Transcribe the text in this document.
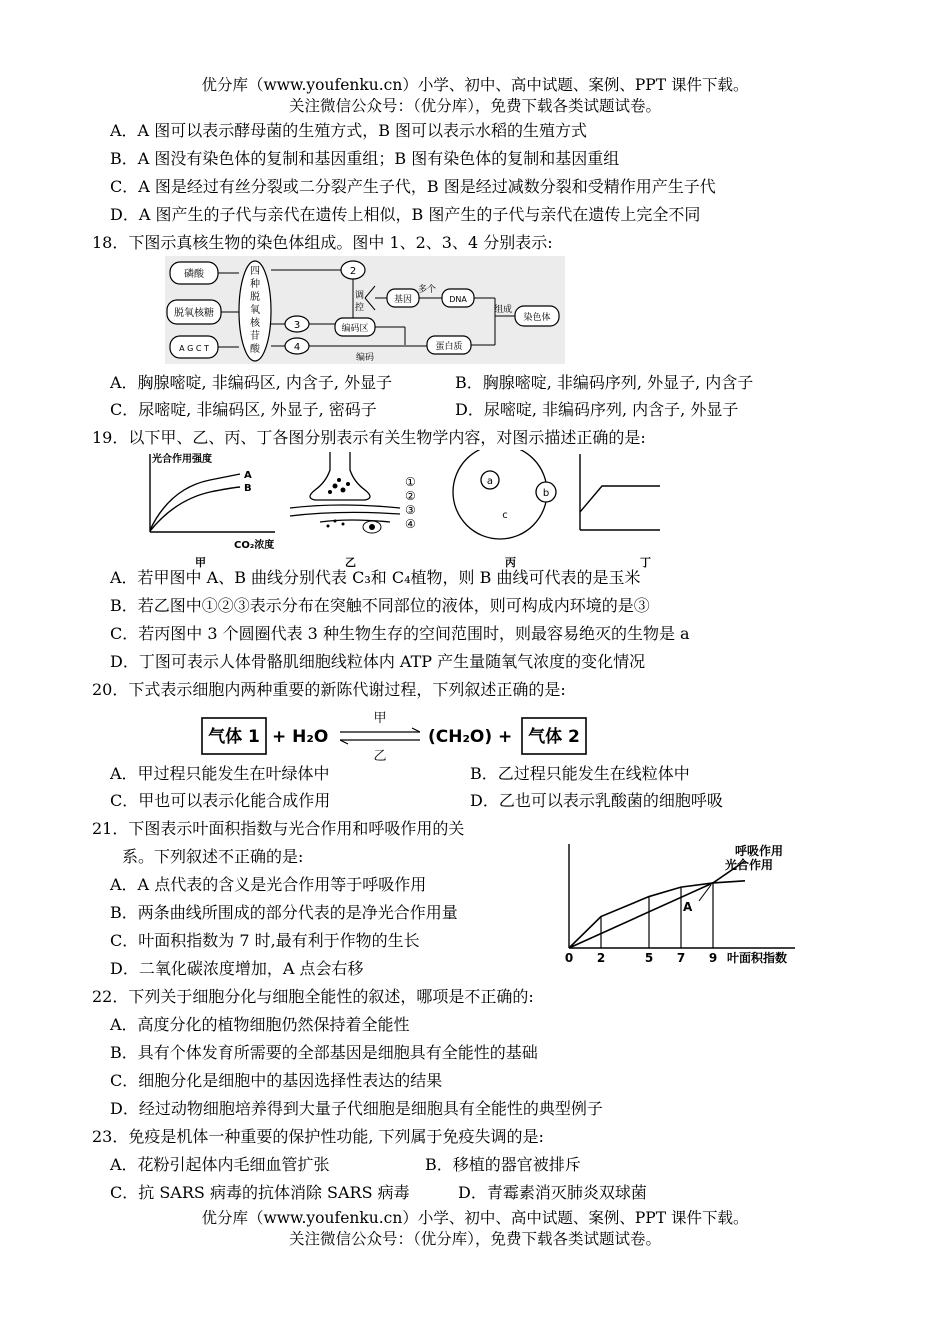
优分库（www.youfenku.cn）小学、初中、高中试题、案例、PPT 课件下载。
关注微信公众号：（优分库），免费下载各类试题试卷。
A．A 图可以表示酵母菌的生殖方式，B 图可以表示水稻的生殖方式
B．A 图没有染色体的复制和基因重组；B 图有染色体的复制和基因重组
C．A 图是经过有丝分裂或二分裂产生子代，B 图是经过减数分裂和受精作用产生子代
D．A 图产生的子代与亲代在遗传上相似，B 图产生的子代与亲代在遗传上完全不同
18．下图示真核生物的染色体组成。图中 1、2、3、4 分别表示:
磷酸
脱氧核糖
A G C T
四
种
脱
氧
核
苷
酸
2
3
4
调
控
基因
多个
DNA
编码区
蛋白质
组成
染色体
编码
A．胸腺嘧啶, 非编码区, 内含子, 外显子	B．胸腺嘧啶, 非编码序列, 外显子, 内含子
C．尿嘧啶, 非编码区, 外显子, 密码子	D．尿嘧啶, 非编码序列, 内含子, 外显子
19．以下甲、乙、丙、丁各图分别表示有关生物学内容，对图示描述正确的是:
光合作用强度
A
B
CO₂浓度
甲
①
②
③
④
乙
a
b
c
丙	丁
A．若甲图中 A、B 曲线分别代表 C₃和 C₄植物，则 B 曲线可代表的是玉米
B．若乙图中①②③表示分布在突触不同部位的液体，则可构成内环境的是③
C．若丙图中 3 个圆圈代表 3 种生物生存的空间范围时，则最容易绝灭的生物是 a
D．丁图可表示人体骨骼肌细胞线粒体内 ATP 产生量随氧气浓度的变化情况
20．下式表示细胞内两种重要的新陈代谢过程，下列叙述正确的是:
气体 1 + H₂O	(CH₂O) + 气体 2
甲
乙
A．甲过程只能发生在叶绿体中	B．乙过程只能发生在线粒体中
C．甲也可以表示化能合成作用	D．乙也可以表示乳酸菌的细胞呼吸
21．下图表示叶面积指数与光合作用和呼吸作用的关
系。下列叙述不正确的是:
A．A 点代表的含义是光合作用等于呼吸作用
B．两条曲线所围成的部分代表的是净光合作用量
C．叶面积指数为 7 时,最有利于作物的生长
D．二氧化碳浓度增加，A 点会右移
A
呼吸作用
光合作用
0 2	5 7 9 叶面积指数
22．下列关于细胞分化与细胞全能性的叙述，哪项是不正确的:
A．高度分化的植物细胞仍然保持着全能性
B．具有个体发育所需要的全部基因是细胞具有全能性的基础
C．细胞分化是细胞中的基因选择性表达的结果
D．经过动物细胞培养得到大量子代细胞是细胞具有全能性的典型例子
23．免疫是机体一种重要的保护性功能, 下列属于免疫失调的是:
A．花粉引起体内毛细血管扩张	B．移植的器官被排斥
C．抗 SARS 病毒的抗体消除 SARS 病毒	D．青霉素消灭肺炎双球菌
优分库（www.youfenku.cn）小学、初中、高中试题、案例、PPT 课件下载。
关注微信公众号：（优分库），免费下载各类试题试卷。
